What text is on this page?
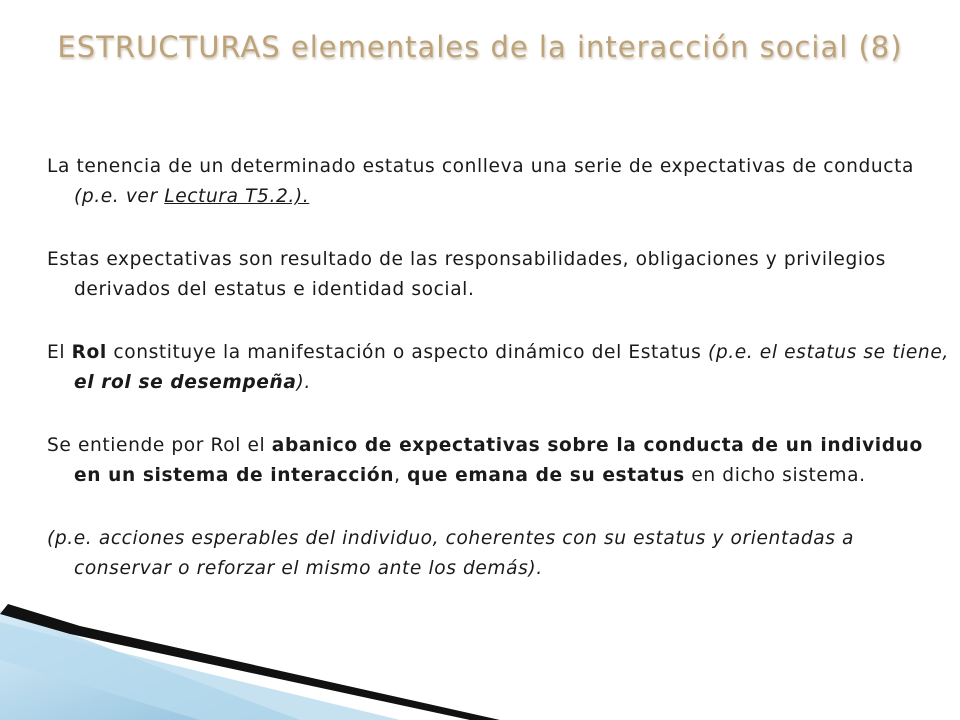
ESTRUCTURAS elementales de la interacción social (8)

La tenencia de un determinado estatus conlleva una serie de expectativas de conducta (p.e. ver Lectura T5.2.).

Estas expectativas son resultado de las responsabilidades, obligaciones y privilegios derivados del estatus e identidad social.

El Rol constituye la manifestación o aspecto dinámico del Estatus (p.e. el estatus se tiene, el rol se desempeña).

Se entiende por Rol el abanico de expectativas sobre la conducta de un individuo en un sistema de interacción, que emana de su estatus en dicho sistema.

(p.e. acciones esperables del individuo, coherentes con su estatus y orientadas a conservar o reforzar el mismo ante los demás).
